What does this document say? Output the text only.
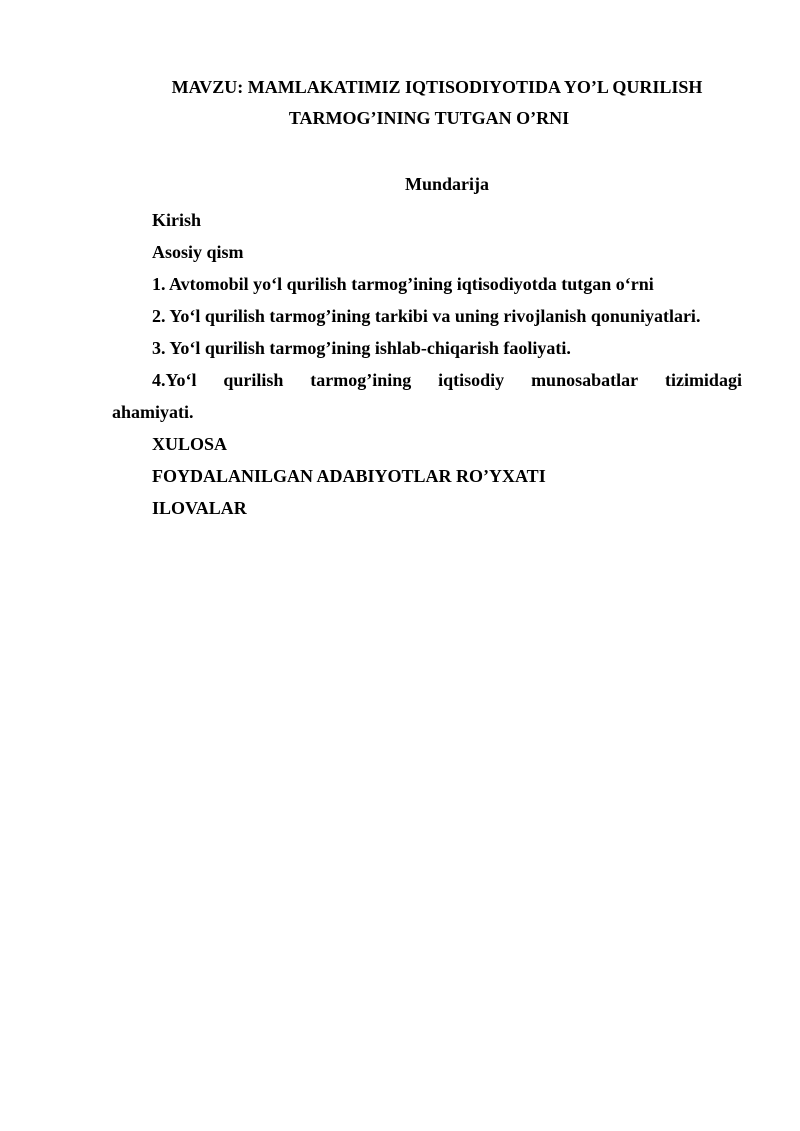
MAVZU: MAMLAKATIMIZ IQTISODIYOTIDA YO’L QURILISH
TARMOG’INING TUTGAN O’RNI
Mundarija
Kirish
Asosiy qism
1. Avtomobil yo‘l qurilish tarmog’ining iqtisodiyotda tutgan o‘rni
2. Yo‘l qurilish tarmog’ining tarkibi va uning rivojlanish qonuniyatlari.
3. Yo‘l qurilish tarmog’ining ishlab-chiqarish faoliyati.
4.Yo‘l qurilish tarmog’ining iqtisodiy munosabatlar tizimidagi
ahamiyati.
XULOSA
FOYDALANILGAN ADABIYOTLAR RO’YXATI
ILOVALAR
